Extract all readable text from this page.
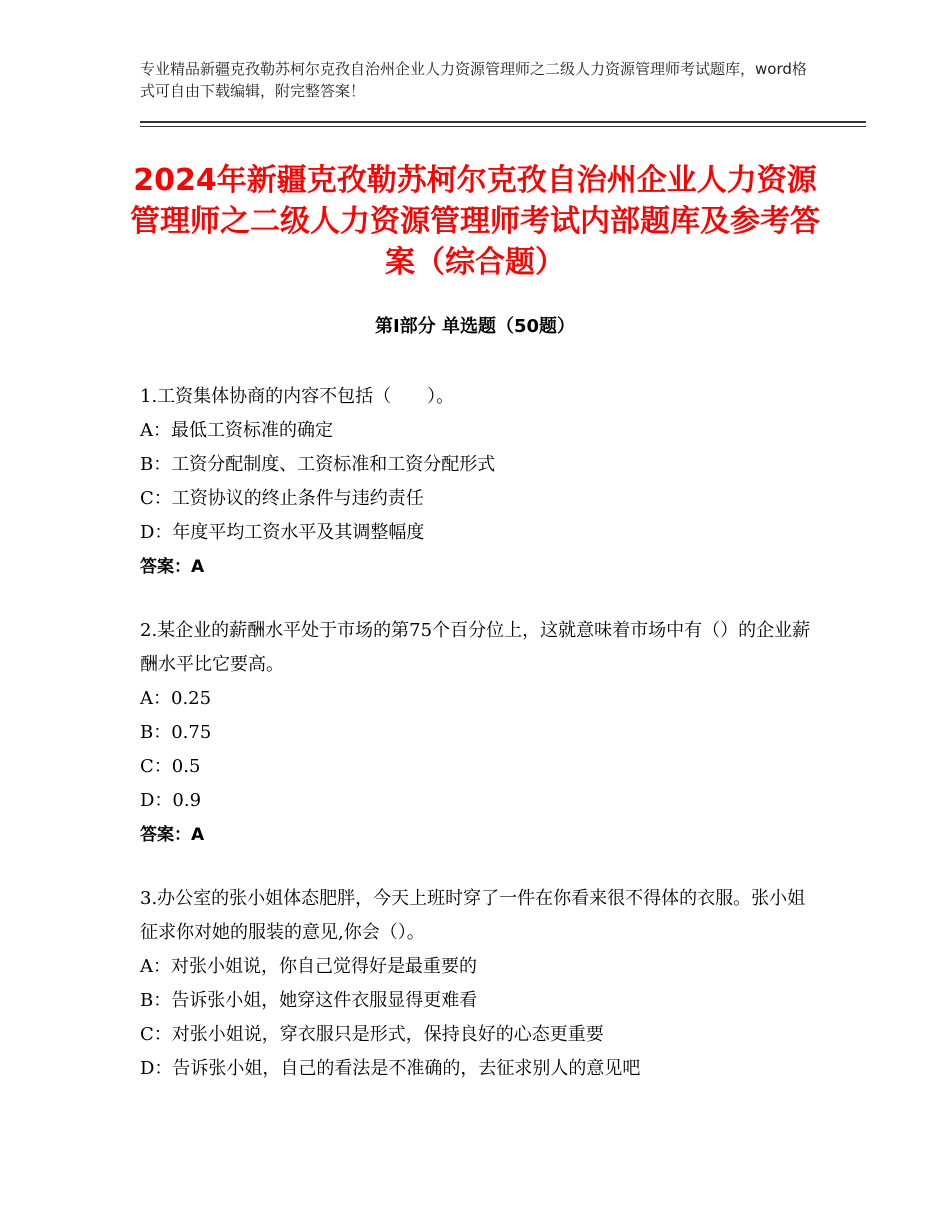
专业精品新疆克孜勒苏柯尔克孜自治州企业人力资源管理师之二级人力资源管理师考试题库，word格式可自由下载编辑，附完整答案！
2024年新疆克孜勒苏柯尔克孜自治州企业人力资源管理师之二级人力资源管理师考试内部题库及参考答案（综合题）
第Ⅰ部分 单选题（50题）

1.工资集体协商的内容不包括（　　）。

A：最低工资标准的确定

B：工资分配制度、工资标准和工资分配形式

C：工资协议的终止条件与违约责任

D：年度平均工资水平及其调整幅度

答案：A

2.某企业的薪酬水平处于市场的第75个百分位上，这就意味着市场中有（）的企业薪酬水平比它要高。

A：0.25

B：0.75

C：0.5

D：0.9

答案：A

3.办公室的张小姐体态肥胖，今天上班时穿了一件在你看来很不得体的衣服。张小姐征求你对她的服装的意见,你会（）。

A：对张小姐说，你自己觉得好是最重要的

B：告诉张小姐，她穿这件衣服显得更难看

C：对张小姐说，穿衣服只是形式，保持良好的心态更重要

D：告诉张小姐，自己的看法是不准确的，去征求别人的意见吧
